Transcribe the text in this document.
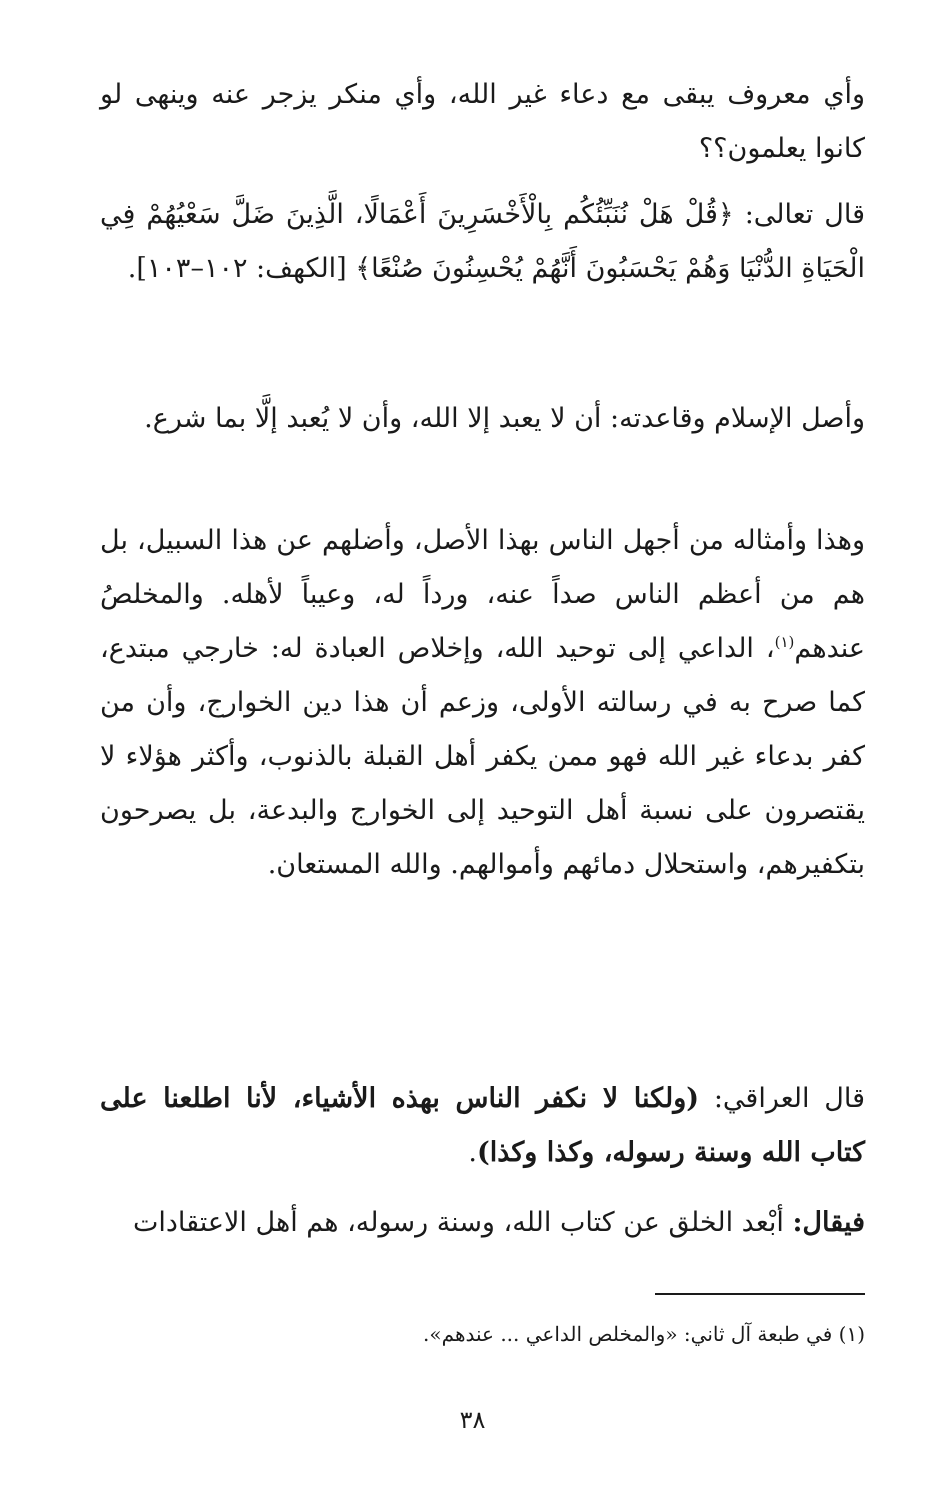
وأي معروف يبقى مع دعاء غير الله، وأي منكر يزجر عنه وينهى لو كانوا يعلمون؟؟

قال تعالى: ﴿قُلْ هَلْ نُنَبِّئُكُم بِالْأَخْسَرِينَ أَعْمَالًا، الَّذِينَ ضَلَّ سَعْيُهُمْ فِي الْحَيَاةِ الدُّنْيَا وَهُمْ يَحْسَبُونَ أَنَّهُمْ يُحْسِنُونَ صُنْعًا﴾ [الكهف: ١٠٢–١٠٣].

وأصل الإسلام وقاعدته: أن لا يعبد إلا الله، وأن لا يُعبد إلَّا بما شرع.

وهذا وأمثاله من أجهل الناس بهذا الأصل، وأضلهم عن هذا السبيل، بل هم من أعظم الناس صداً عنه، ورداً له، وعيباً لأهله. والمخلصُ عندهم$^{(١)}$، الداعي إلى توحيد الله، وإخلاص العبادة له: خارجي مبتدع، كما صرح به في رسالته الأولى، وزعم أن هذا دين الخوارج، وأن من كفر بدعاء غير الله فهو ممن يكفر أهل القبلة بالذنوب، وأكثر هؤلاء لا يقتصرون على نسبة أهل التوحيد إلى الخوارج والبدعة، بل يصرحون بتكفيرهم، واستحلال دمائهم وأموالهم. والله المستعان.

قال العراقي: (ولكنا لا نكفر الناس بهذه الأشياء، لأنا اطلعنا على كتاب الله وسنة رسوله، وكذا وكذا).

فيقال: أبْعد الخلق عن كتاب الله، وسنة رسوله، هم أهل الاعتقادات

(١) في طبعة آل ثاني: «والمخلص الداعي ... عندهم».

٣٨
